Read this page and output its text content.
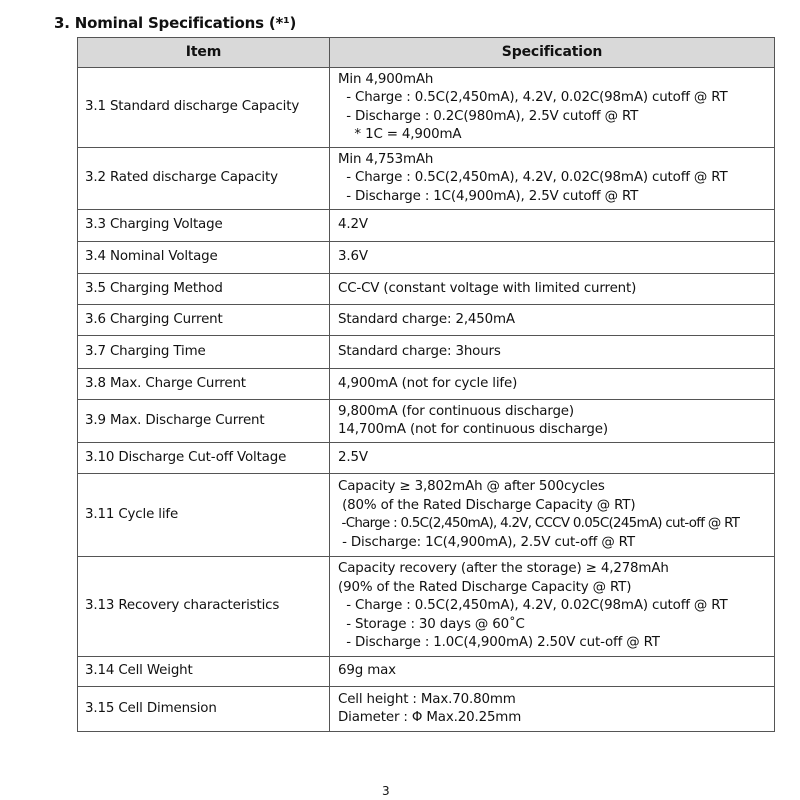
3. Nominal Specifications (*¹)
Item	Specification
3.1 Standard discharge Capacity	Min 4,900mAh
- Charge : 0.5C(2,450mA), 4.2V, 0.02C(98mA) cutoff @ RT
- Discharge : 0.2C(980mA), 2.5V cutoff @ RT
* 1C = 4,900mA

3.2 Rated discharge Capacity	Min 4,753mAh
- Charge : 0.5C(2,450mA), 4.2V, 0.02C(98mA) cutoff @ RT
- Discharge : 1C(4,900mA), 2.5V cutoff @ RT

3.3 Charging Voltage	4.2V

3.4 Nominal Voltage	3.6V

3.5 Charging Method	CC-CV (constant voltage with limited current)

3.6 Charging Current	Standard charge: 2,450mA

3.7 Charging Time	Standard charge: 3hours

3.8 Max. Charge Current	4,900mA (not for cycle life)

3.9 Max. Discharge Current	9,800mA (for continuous discharge)
14,700mA (not for continuous discharge)

3.10 Discharge Cut-off Voltage	2.5V

3.11 Cycle life	Capacity ≥ 3,802mAh @ after 500cycles
(80% of the Rated Discharge Capacity @ RT)
-Charge : 0.5C(2,450mA), 4.2V, CCCV 0.05C(245mA) cut-off @ RT
- Discharge: 1C(4,900mA), 2.5V cut-off @ RT

3.13 Recovery characteristics	Capacity recovery (after the storage) ≥ 4,278mAh
(90% of the Rated Discharge Capacity @ RT)
- Charge : 0.5C(2,450mA), 4.2V, 0.02C(98mA) cutoff @ RT
- Storage : 30 days @ 60˚C
- Discharge : 1.0C(4,900mA) 2.50V cut-off @ RT

3.14 Cell Weight	69g max

3.15 Cell Dimension	Cell height : Max.70.80mm
Diameter : Φ Max.20.25mm
3
